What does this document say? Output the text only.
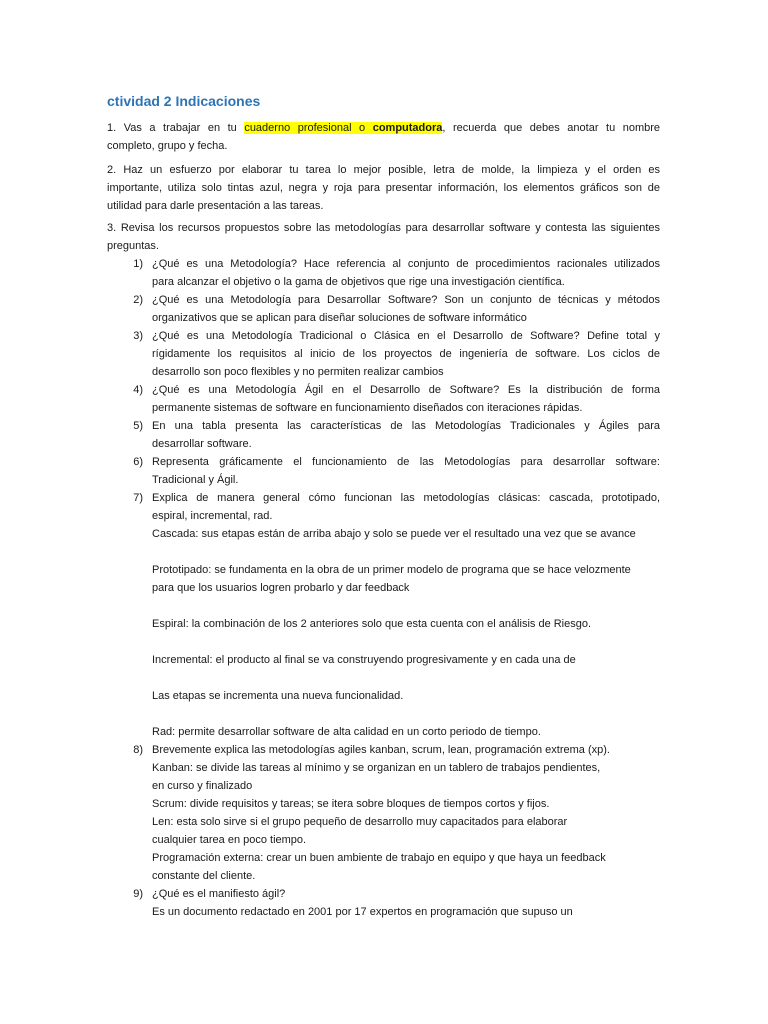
ctividad 2 Indicaciones
1. Vas a trabajar en tu cuaderno profesional o computadora, recuerda que debes anotar tu nombre
completo, grupo y fecha.
2. Haz un esfuerzo por elaborar tu tarea lo mejor posible, letra de molde, la limpieza y el orden es
importante, utiliza solo tintas azul, negra y roja para presentar información, los elementos gráficos son de
utilidad para darle presentación a las tareas.
3. Revisa los recursos propuestos sobre las metodologías para desarrollar software y contesta las siguientes
preguntas.
1) ¿Qué es una Metodología? Hace referencia al conjunto de procedimientos racionales utilizados
para alcanzar el objetivo o la gama de objetivos que rige una investigación científica.
2) ¿Qué es una Metodología para Desarrollar Software? Son un conjunto de técnicas y métodos
organizativos que se aplican para diseñar soluciones de software informático
3) ¿Qué es una Metodología Tradicional o Clásica en el Desarrollo de Software? Define total y
rígidamente los requisitos al inicio de los proyectos de ingeniería de software. Los ciclos de
desarrollo son poco flexibles y no permiten realizar cambios
4) ¿Qué es una Metodología Ágil en el Desarrollo de Software? Es la distribución de forma
permanente sistemas de software en funcionamiento diseñados con iteraciones rápidas.
5) En una tabla presenta las características de las Metodologías Tradicionales y Ágiles para
desarrollar software.
6) Representa gráficamente el funcionamiento de las Metodologías para desarrollar software:
Tradicional y Ágil.
7) Explica de manera general cómo funcionan las metodologías clásicas: cascada, prototipado,
espiral, incremental, rad.
Cascada: sus etapas están de arriba abajo y solo se puede ver el resultado una vez que se avance
Prototipado: se fundamenta en la obra de un primer modelo de programa que se hace velozmente
para que los usuarios logren probarlo y dar feedback
Espiral: la combinación de los 2 anteriores solo que esta cuenta con el análisis de Riesgo.
Incremental: el producto al final se va construyendo progresivamente y en cada una de
Las etapas se incrementa una nueva funcionalidad.
Rad: permite desarrollar software de alta calidad en un corto periodo de tiempo.
8) Brevemente explica las metodologías agiles kanban, scrum, lean, programación extrema (xp).
Kanban: se divide las tareas al mínimo y se organizan en un tablero de trabajos pendientes,
en curso y finalizado
Scrum: divide requisitos y tareas; se itera sobre bloques de tiempos cortos y fijos.
Len: esta solo sirve si el grupo pequeño de desarrollo muy capacitados para elaborar
cualquier tarea en poco tiempo.
Programación externa: crear un buen ambiente de trabajo en equipo y que haya un feedback
constante del cliente.
9) ¿Qué es el manifiesto ágil?
Es un documento redactado en 2001 por 17 expertos en programación que supuso un
